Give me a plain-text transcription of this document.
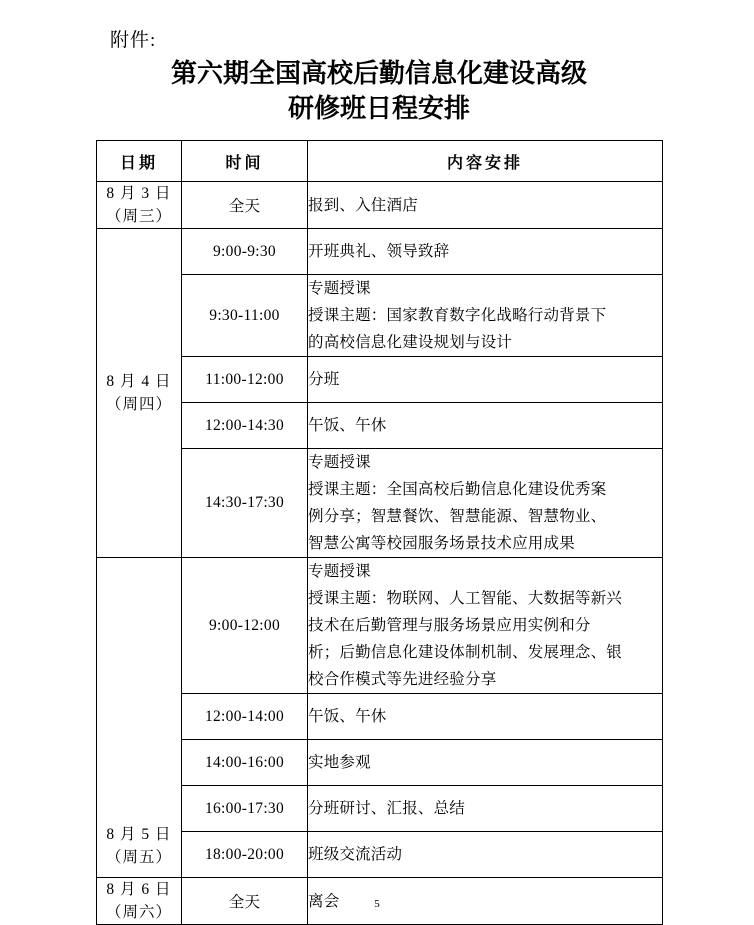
附件:
第六期全国高校后勤信息化建设高级
研修班日程安排
日期	时间	内容安排

8 月 3 日
（周三）	全天	报到、入住酒店

8 月 4 日
（周四）	9:00-9:30	开班典礼、领导致辞

	9:30-11:00	专题授课
授课主题：国家教育数字化战略行动背景下
的高校信息化建设规划与设计

	11:00-12:00	分班

	12:00-14:30	午饭、午休

	14:30-17:30	专题授课
授课主题：全国高校后勤信息化建设优秀案
例分享；智慧餐饮、智慧能源、智慧物业、
智慧公寓等校园服务场景技术应用成果

8 月 5 日
（周五）	9:00-12:00	专题授课
授课主题：物联网、人工智能、大数据等新兴
技术在后勤管理与服务场景应用实例和分
析；后勤信息化建设体制机制、发展理念、银
校合作模式等先进经验分享

	12:00-14:00	午饭、午休

	14:00-16:00	实地参观

	16:00-17:30	分班研讨、汇报、总结

	18:00-20:00	班级交流活动

8 月 6 日
（周六）	全天	离会	5
